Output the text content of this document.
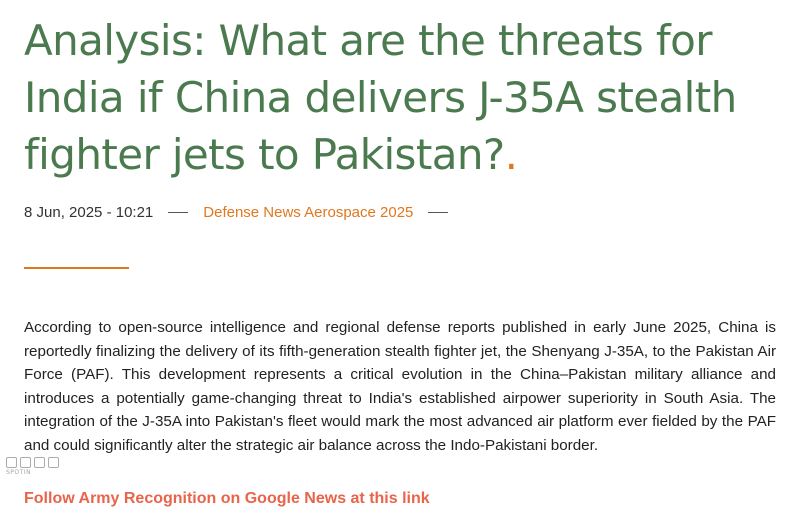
Analysis: What are the threats for India if China delivers J-35A stealth fighter jets to Pakistan?.
8 Jun, 2025 - 10:21	Defense News Aerospace 2025

According to open-source intelligence and regional defense reports published in early June 2025, China is reportedly finalizing the delivery of its fifth-generation stealth fighter jet, the Shenyang J-35A, to the Pakistan Air Force (PAF). This development represents a critical evolution in the China–Pakistan military alliance and introduces a potentially game-changing threat to India's established airpower superiority in South Asia. The integration of the J-35A into Pakistan's fleet would mark the most advanced air platform ever fielded by the PAF and could significantly alter the strategic air balance across the Indo-Pakistani border.

Follow Army Recognition on Google News at this link
SPOTIN
